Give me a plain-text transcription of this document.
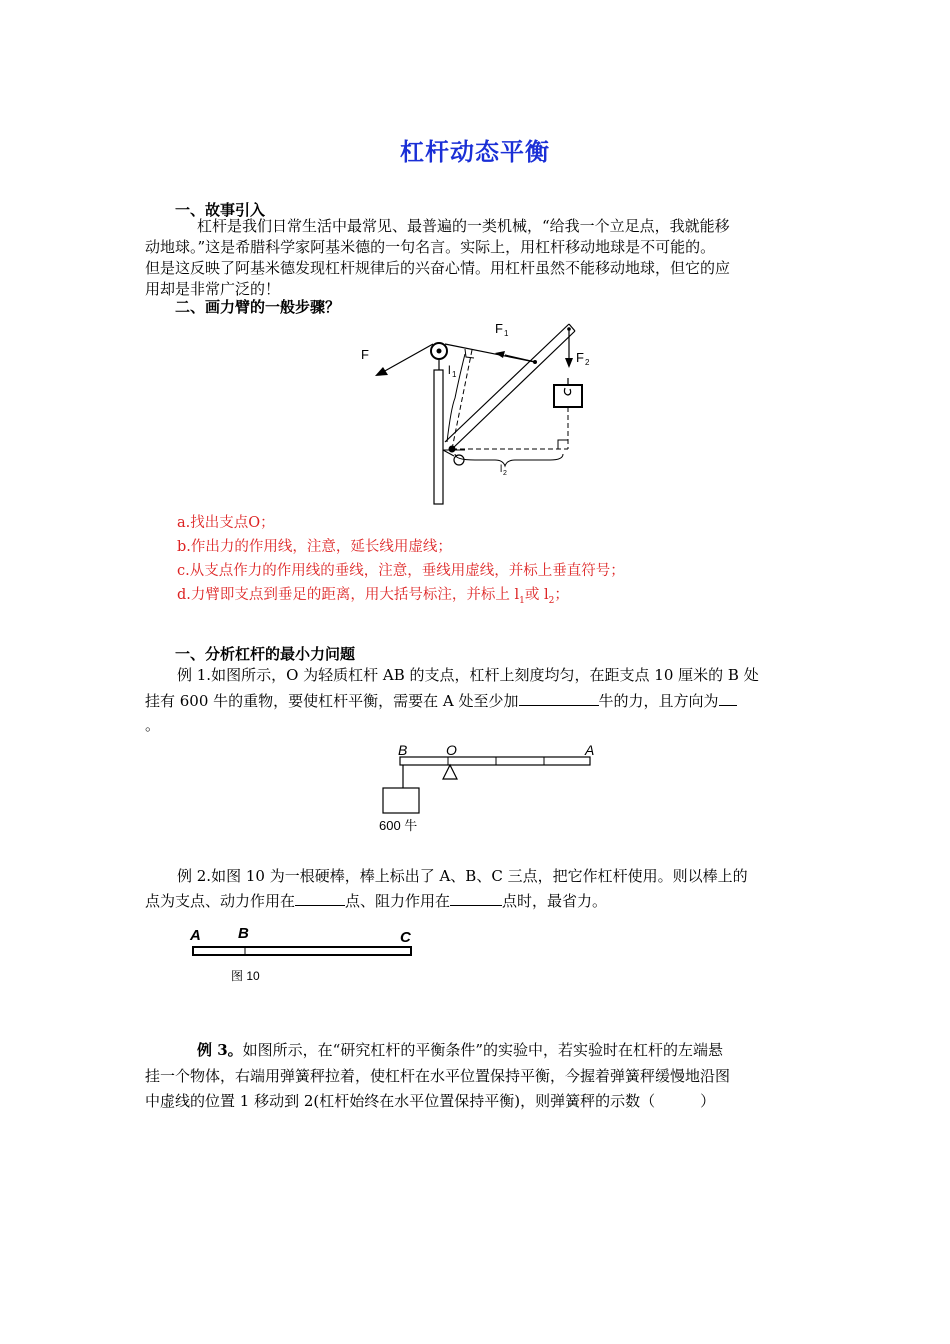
杠杆动态平衡
一、故事引入
杠杆是我们日常生活中最常见、最普遍的一类机械，“给我一个立足点，我就能移
动地球。”这是希腊科学家阿基米德的一句名言。实际上，用杠杆移动地球是不可能的。
但是这反映了阿基米德发现杠杆规律后的兴奋心情。用杠杆虽然不能移动地球，但它的应
用却是非常广泛的！
二、画力臂的一般步骤？
F
F 1
F 2
l 1
l 2
a.找出支点O；
b.作出力的作用线，注意，延长线用虚线；
c.从支点作力的作用线的垂线，注意，垂线用虚线，并标上垂直符号；
d.力臂即支点到垂足的距离，用大括号标注，并标上 $l_1$或 $l_2$；
一、分析杠杆的最小力问题
例 1.如图所示，O 为轻质杠杆 AB 的支点，杠杆上刻度均匀，在距支点 10 厘米的 B 处
挂有 600 牛的重物，要使杠杆平衡，需要在 A 处至少加	牛的力，且方向为
。
B	O	A
600 牛
例 2.如图 10 为一根硬棒，棒上标出了 A、B、C 三点，把它作杠杆使用。则以棒上的
点为支点、动力作用在	点、阻力作用在	点时，最省力。
A B	C
图 10
例 3。如图所示，在“研究杠杆的平衡条件”的实验中，若实验时在杠杆的左端悬
挂一个物体，右端用弹簧秤拉着，使杠杆在水平位置保持平衡，今握着弹簧秤缓慢地沿图
中虚线的位置 1 移动到 2(杠杆始终在水平位置保持平衡)，则弹簧秤的示数（　　　）
